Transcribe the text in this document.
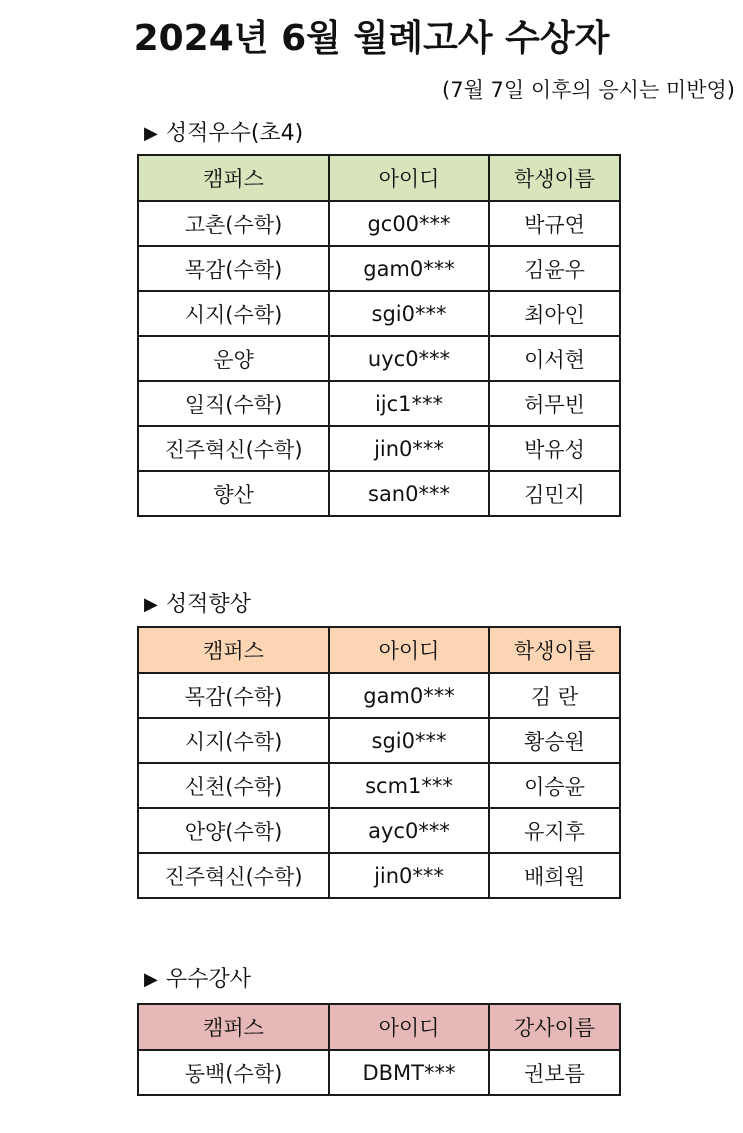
2024년 6월 월례고사 수상자
(7월 7일 이후의 응시는 미반영)
▶ 성적우수(초4)
캠퍼스	아이디	학생이름
고촌(수학)	gc00***	박규연
목감(수학)	gam0***	김윤우
시지(수학)	sgi0***	최아인
운양	uyc0***	이서현
일직(수학)	ijc1***	허무빈
진주혁신(수학)	jin0***	박유성
향산	san0***	김민지
▶ 성적향상
캠퍼스	아이디	학생이름
목감(수학)	gam0***	김 란
시지(수학)	sgi0***	황승원
신천(수학)	scm1***	이승윤
안양(수학)	ayc0***	유지후
진주혁신(수학)	jin0***	배희원
▶ 우수강사
캠퍼스	아이디	강사이름
동백(수학)	DBMT***	권보름
